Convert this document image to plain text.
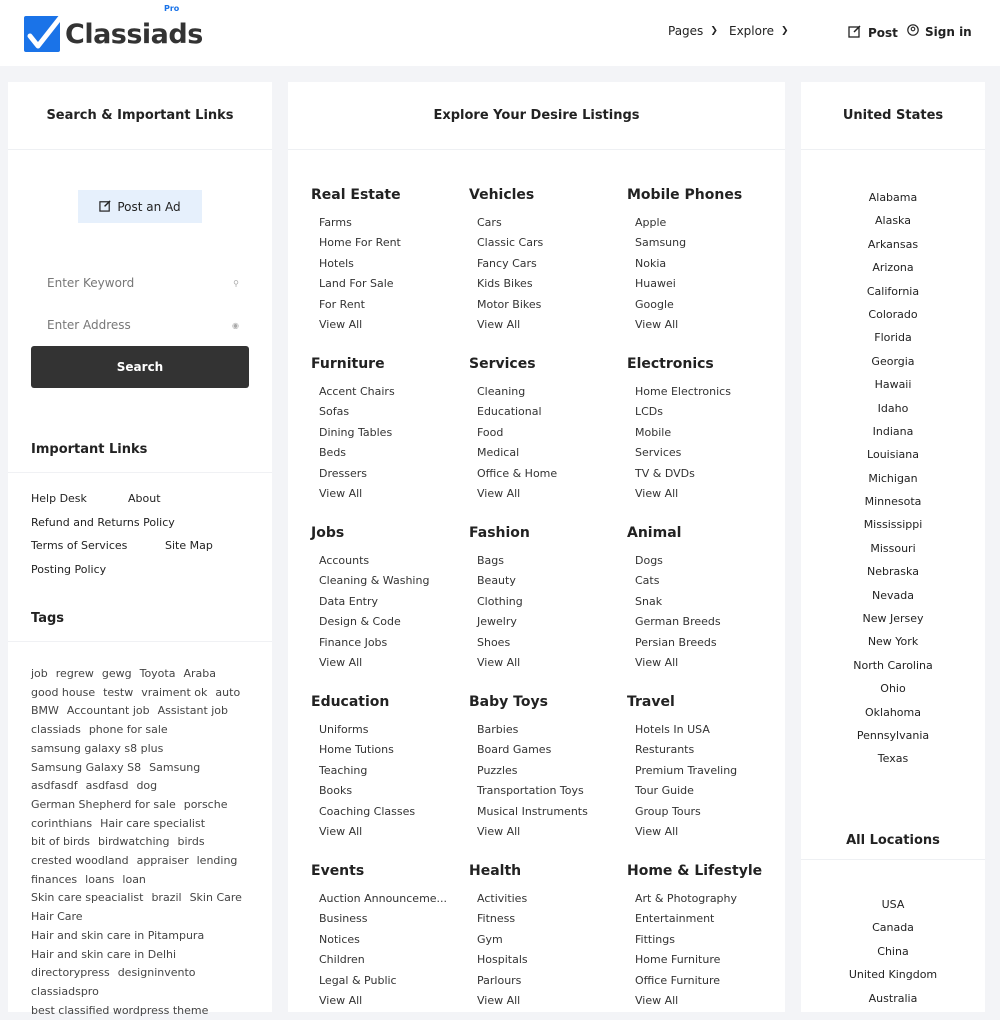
Classiads
Pro
Pages ❯ Explore ❯	Post Sign in
Search & Important Links
Post an Ad
Enter Keyword	⚲
Enter Address	◉
Search
Important Links
Help Desk	About
Refund and Returns Policy
Terms of Services	Site Map
Posting Policy
Tags
job regrew gewg Toyota Arabagood house testw vraiment ok autoBMW Accountant job Assistant jobclassiads phone for salesamsung galaxy s8 plusSamsung Galaxy S8 Samsungasdfasdf asdfasd dogGerman Shepherd for sale porschecorinthians Hair care specialistbit of birds birdwatching birdscrested woodland appraiser lendingfinances loans loanSkin care speacialist brazil Skin CareHair CareHair and skin care in PitampuraHair and skin care in Delhidirectorypress designinventoclassiadsprobest classified wordpress theme
Explore Your Desire Listings
Real Estate
Farms
Home For Rent
Hotels
Land For Sale
For Rent
View All
Vehicles
Cars
Classic Cars
Fancy Cars
Kids Bikes
Motor Bikes
View All
Mobile Phones
Apple
Samsung
Nokia
Huawei
Google
View All
Furniture
Accent Chairs
Sofas
Dining Tables
Beds
Dressers
View All
Services
Cleaning
Educational
Food
Medical
Office & Home
View All
Electronics
Home Electronics
LCDs
Mobile
Services
TV & DVDs
View All
Jobs
Accounts
Cleaning & Washing
Data Entry
Design & Code
Finance Jobs
View All
Fashion
Bags
Beauty
Clothing
Jewelry
Shoes
View All
Animal
Dogs
Cats
Snak
German Breeds
Persian Breeds
View All
Education
Uniforms
Home Tutions
Teaching
Books
Coaching Classes
View All
Baby Toys
Barbies
Board Games
Puzzles
Transportation Toys
Musical Instruments
View All
Travel
Hotels In USA
Resturants
Premium Traveling
Tour Guide
Group Tours
View All
Events
Auction Announceme...
Business
Notices
Children
Legal & Public
View All
Health
Activities
Fitness
Gym
Hospitals
Parlours
View All
Home & Lifestyle
Art & Photography
Entertainment
Fittings
Home Furniture
Office Furniture
View All
United States
Alabama
Alaska
Arkansas
Arizona
California
Colorado
Florida
Georgia
Hawaii
Idaho
Indiana
Louisiana
Michigan
Minnesota
Mississippi
Missouri
Nebraska
Nevada
New Jersey
New York
North Carolina
Ohio
Oklahoma
Pennsylvania
Texas
All Locations
USA
Canada
China
United Kingdom
Australia
